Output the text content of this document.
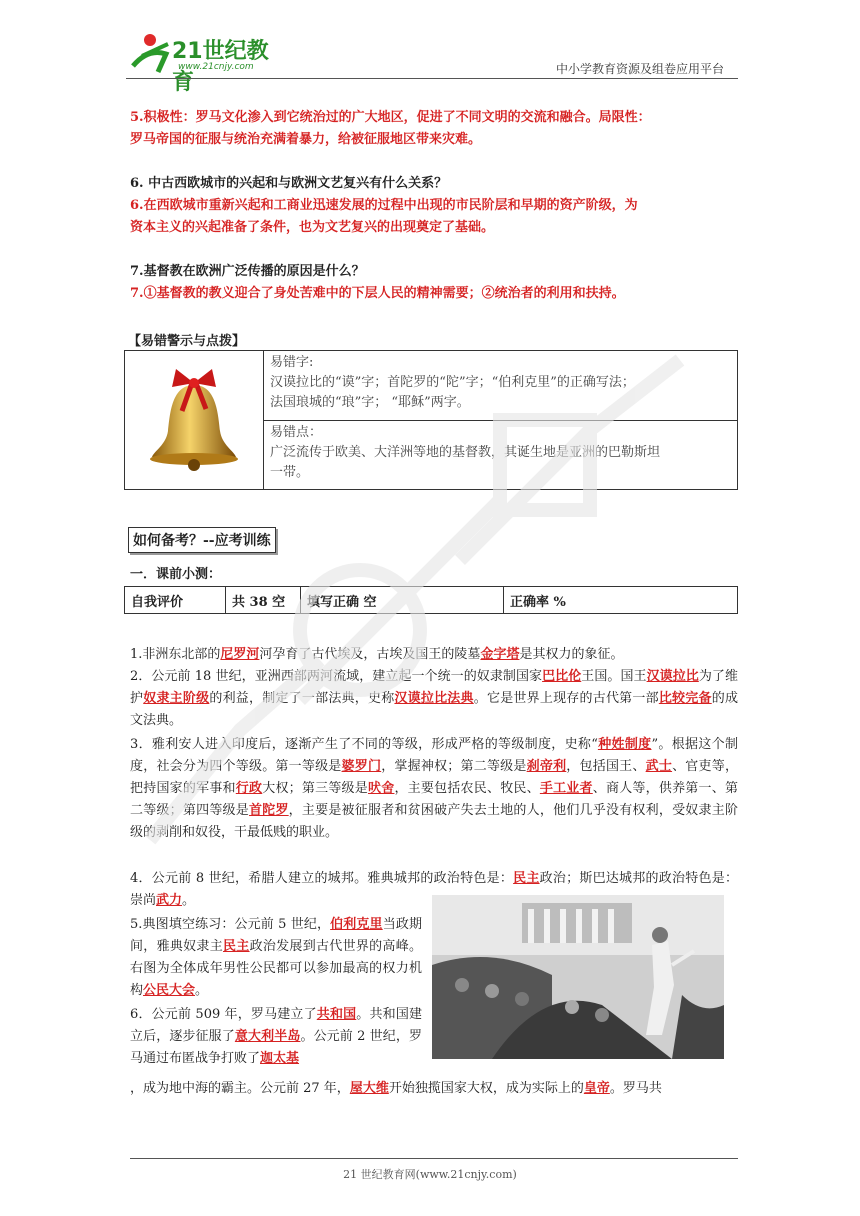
21世纪教育
www.21cnjy.com	中小学教育资源及组卷应用平台
5.积极性：罗马文化渗入到它统治过的广大地区，促进了不同文明的交流和融合。局限性：
罗马帝国的征服与统治充满着暴力，给被征服地区带来灾难。
6. 中古西欧城市的兴起和与欧洲文艺复兴有什么关系？
6.在西欧城市重新兴起和工商业迅速发展的过程中出现的市民阶层和早期的资产阶级，为
资本主义的兴起准备了条件，也为文艺复兴的出现奠定了基础。
7.基督教在欧洲广泛传播的原因是什么？
7.①基督教的教义迎合了身处苦难中的下层人民的精神需要；②统治者的利用和扶持。
【易错警示与点拨】

易错字:
汉谟拉比的“谟”字；首陀罗的“陀”字；“伯利克里”的正确写法；
法国琅城的“琅”字； “耶稣”两字。

易错点：
广泛流传于欧美、大洋洲等地的基督教，其诞生地是亚洲的巴勒斯坦
一带。
如何备考？--应考训练
一．课前小测：
自我评价	共 38 空	填写正确 空	正确率 %
1.非洲东北部的尼罗河河孕育了古代埃及，古埃及国王的陵墓金字塔是其权力的象征。
2．公元前 18 世纪，亚洲西部两河流域，建立起一个统一的奴隶制国家巴比伦王国。国王汉谟拉比为了维护奴隶主阶级的利益，制定了一部法典，史称汉谟拉比法典。它是世界上现存的古代第一部比较完备的成文法典。
3．雅利安人进入印度后，逐渐产生了不同的等级，形成严格的等级制度，史称“种姓制度”。根据这个制度，社会分为四个等级。第一等级是婆罗门，掌握神权；第二等级是刹帝利，包括国王、武士、官吏等，把持国家的军事和行政大权；第三等级是吠舍，主要包括农民、牧民、手工业者、商人等，供养第一、第二等级；第四等级是首陀罗，主要是被征服者和贫困破产失去土地的人，他们几乎没有权利，受奴隶主阶级的剥削和奴役，干最低贱的职业。
4．公元前 8 世纪，希腊人建立的城邦。雅典城邦的政治特色是：民主政治；斯巴达城邦的政治特色是：崇尚武力。
5.典图填空练习：公元前 5 世纪，伯利克里当政期间，雅典奴隶主民主政治发展到古代世界的高峰。右图为全体成年男性公民都可以参加最高的权力机构公民大会。
6．公元前 509 年，罗马建立了共和国。共和国建立后，逐步征服了意大利半岛。公元前 2 世纪，罗马通过布匿战争打败了迦太基
，成为地中海的霸主。公元前 27 年，屋大维开始独揽国家大权，成为实际上的皇帝。罗马共
21 世纪教育网(www.21cnjy.com)
